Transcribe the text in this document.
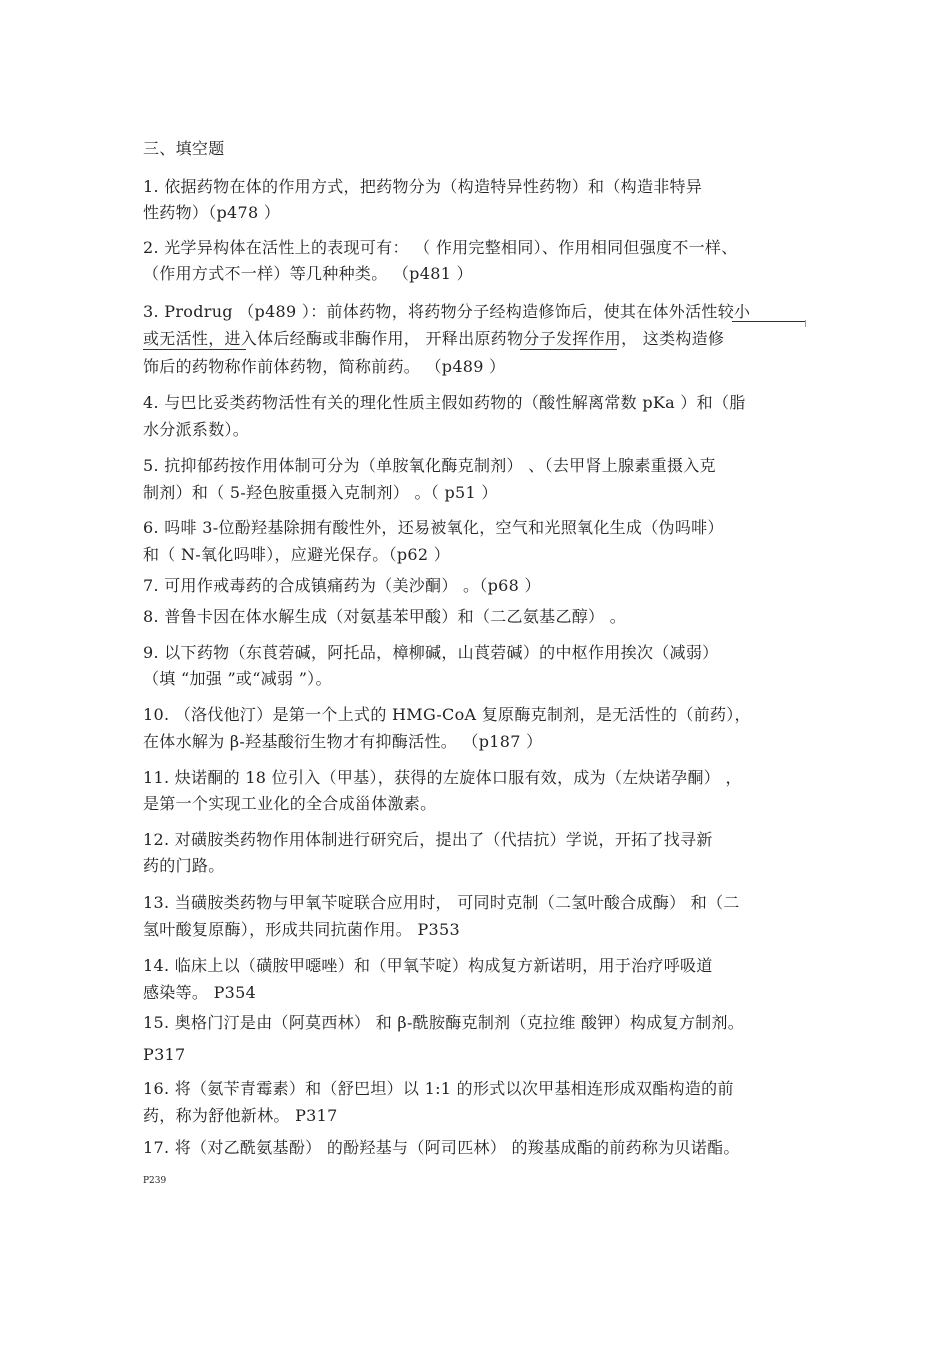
三、填空题
1. 依据药物在体的作用方式，把药物分为（构造特异性药物）和（构造非特异
性药物）（p478 ）
2. 光学异构体在活性上的表现可有： （ 作用完整相同）、作用相同但强度不一样、
（作用方式不一样）等几种种类。 （p481 ）
3. Prodrug （p489 ）：前体药物，将药物分子经构造修饰后，使其在体外活性较小
或无活性，进入体后经酶或非酶作用， 开释出原药物分子发挥作用， 这类构造修
饰后的药物称作前体药物，简称前药。 （p489 ）
4. 与巴比妥类药物活性有关的理化性质主假如药物的（酸性解离常数 pKa ）和（脂
水分派系数）。
5. 抗抑郁药按作用体制可分为（单胺氧化酶克制剂） 、（去甲肾上腺素重摄入克
制剂）和（ 5-羟色胺重摄入克制剂） 。（ p51 ）
6. 吗啡 3-位酚羟基除拥有酸性外，还易被氧化，空气和光照氧化生成（伪吗啡）
和（ N-氧化吗啡），应避光保存。（p62 ）
7. 可用作戒毒药的合成镇痛药为（美沙酮） 。（p68 ）
8. 普鲁卡因在体水解生成（对氨基苯甲酸）和（二乙氨基乙醇） 。
9. 以下药物（东莨菪碱，阿托品，樟柳碱，山莨菪碱）的中枢作用挨次（减弱）
（填 “加强 ”或“减弱 ”）。
10. （洛伐他汀）是第一个上式的 HMG-CoA 复原酶克制剂，是无活性的（前药），
在体水解为 β-羟基酸衍生物才有抑酶活性。 （p187 ）
11. 炔诺酮的 18 位引入（甲基），获得的左旋体口服有效，成为（左炔诺孕酮） ，
是第一个实现工业化的全合成甾体激素。
12. 对磺胺类药物作用体制进行研究后，提出了（代拮抗）学说，开拓了找寻新
药的门路。
13. 当磺胺类药物与甲氧苄啶联合应用时， 可同时克制（二氢叶酸合成酶） 和（二
氢叶酸复原酶），形成共同抗菌作用。 P353
14. 临床上以（磺胺甲噁唑）和（甲氧苄啶）构成复方新诺明，用于治疗呼吸道
感染等。 P354
15. 奥格门汀是由（阿莫西林） 和 β-酰胺酶克制剂（克拉维 酸钾）构成复方制剂。
P317
16. 将（氨苄青霉素）和（舒巴坦）以 1:1 的形式以次甲基相连形成双酯构造的前
药，称为舒他新林。 P317
17. 将（对乙酰氨基酚） 的酚羟基与（阿司匹林） 的羧基成酯的前药称为贝诺酯。
P239
